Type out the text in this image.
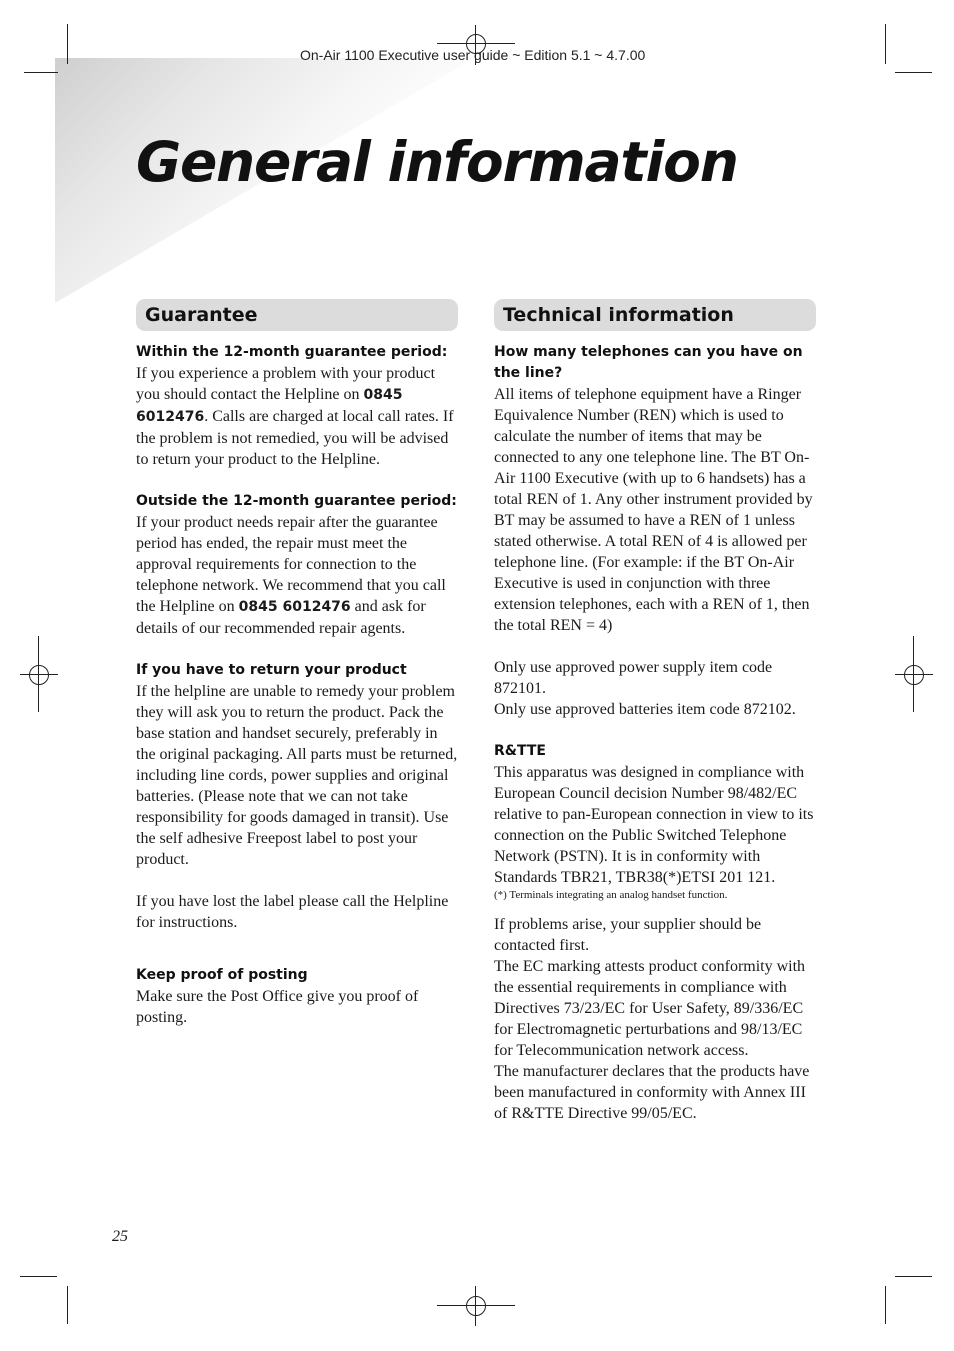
On-Air 1100 Executive user guide ~ Edition 5.1 ~ 4.7.00
General information
Guarantee

Within the 12-month guarantee period:

If you experience a problem with your product you should contact the Helpline on 0845 6012476. Calls are charged at local call rates. If the problem is not remedied, you will be advised to return your product to the Helpline.

Outside the 12-month guarantee period:

If your product needs repair after the guarantee period has ended, the repair must meet the approval requirements for connection to the telephone network. We recommend that you call the Helpline on 0845 6012476 and ask for details of our recommended repair agents.

If you have to return your product

If the helpline are unable to remedy your problem they will ask you to return the product. Pack the base station and handset securely, preferably in the original packaging. All parts must be returned, including line cords, power supplies and original batteries. (Please note that we can not take responsibility for goods damaged in transit). Use the self adhesive Freepost label to post your product.

If you have lost the label please call the Helpline for instructions.

Keep proof of posting

Make sure the Post Office give you proof of posting.

Technical information

How many telephones can you have on the line?

All items of telephone equipment have a Ringer Equivalence Number (REN) which is used to calculate the number of items that may be connected to any one telephone line. The BT On-Air 1100 Executive (with up to 6 handsets) has a total REN of 1. Any other instrument provided by BT may be assumed to have a REN of 1 unless stated otherwise. A total REN of 4 is allowed per telephone line. (For example: if the BT On-Air Executive is used in conjunction with three extension telephones, each with a REN of 1, then the total REN = 4)

Only use approved power supply item code 872101.

Only use approved batteries item code 872102.

R&TTE

This apparatus was designed in compliance with European Council decision Number 98/482/EC relative to pan-European connection in view to its connection on the Public Switched Telephone Network (PSTN). It is in conformity with Standards TBR21, TBR38(*)ETSI 201 121.

(*) Terminals integrating an analog handset function.

If problems arise, your supplier should be contacted first.

The EC marking attests product conformity with the essential requirements in compliance with Directives 73/23/EC for User Safety, 89/336/EC for Electromagnetic perturbations and 98/13/EC for Telecommunication network access.

The manufacturer declares that the products have been manufactured in conformity with Annex III of R&TTE Directive 99/05/EC.

25
